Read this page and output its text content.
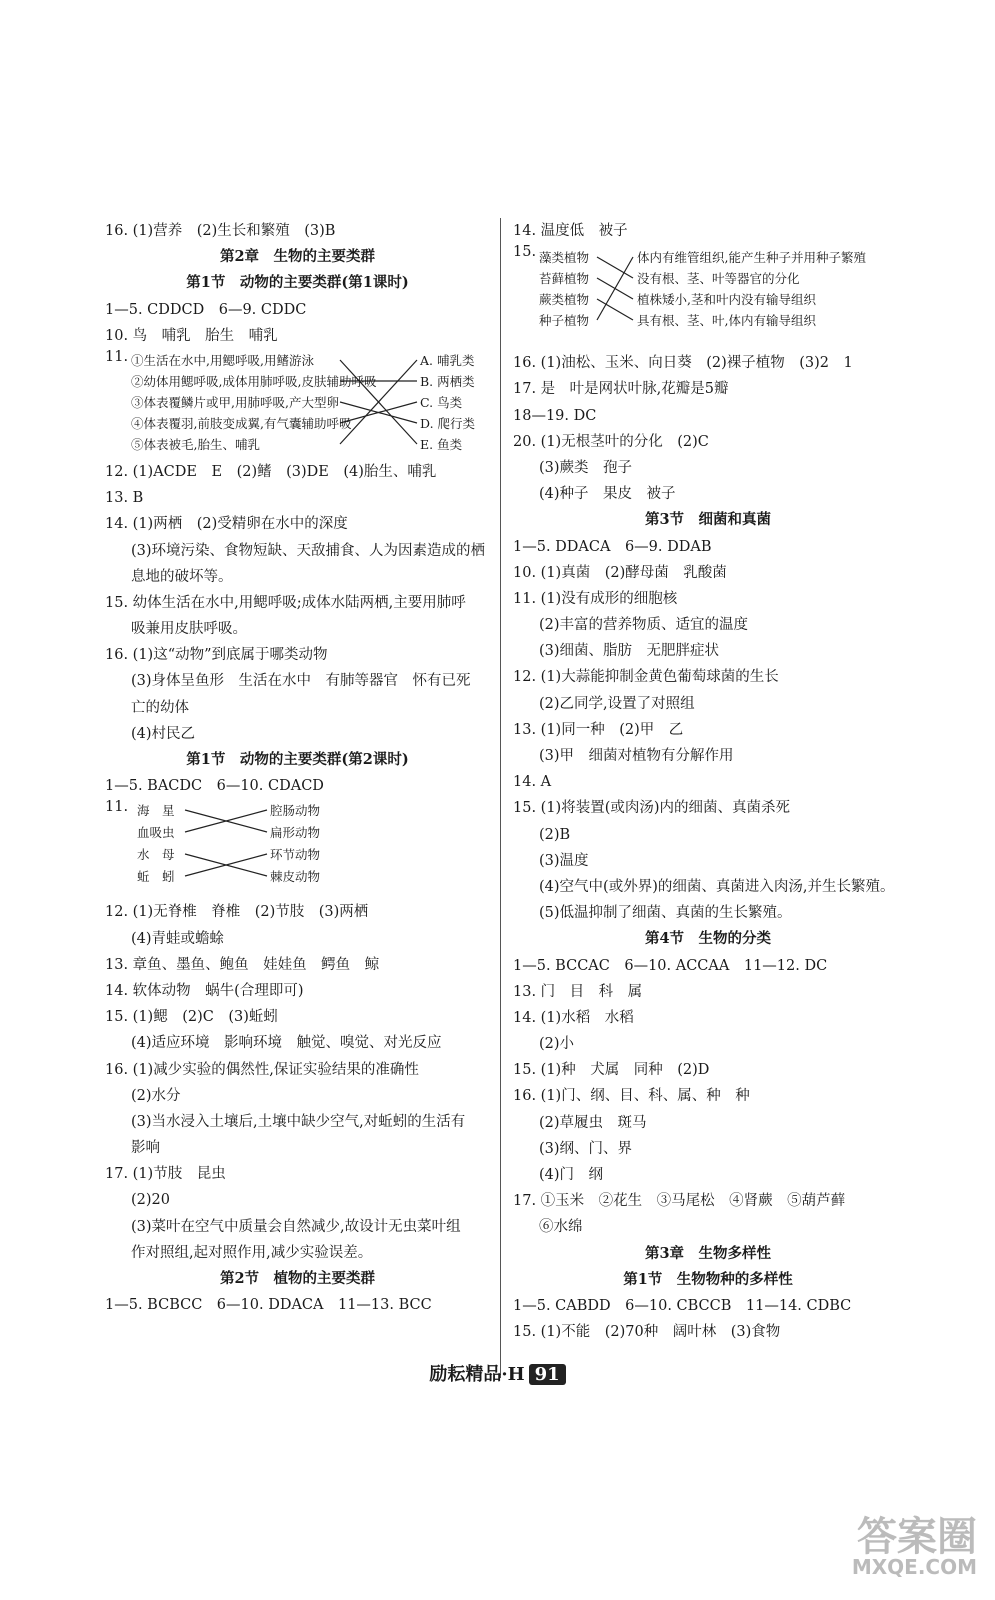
16. (1)营养　(2)生长和繁殖　(3)B
第2章　生物的主要类群
第1节　动物的主要类群(第1课时)
1—5. CDDCD　6—9. CDDC
10. 鸟　哺乳　胎生　哺乳
11. ①生活在水中,用鳃呼吸,用鳍游泳
②幼体用鳃呼吸,成体用肺呼吸,皮肤辅助呼吸
③体表覆鳞片或甲,用肺呼吸,产大型卵
④体表覆羽,前肢变成翼,有气囊辅助呼吸
⑤体表被毛,胎生、哺乳
A. 哺乳类
B. 两栖类
C. 鸟类
D. 爬行类
E. 鱼类
12. (1)ACDE　E　(2)鳍　(3)DE　(4)胎生、哺乳
13. B
14. (1)两栖　(2)受精卵在水中的深度
(3)环境污染、食物短缺、天敌捕食、人为因素造成的栖
息地的破坏等。
15. 幼体生活在水中,用鳃呼吸;成体水陆两栖,主要用肺呼
吸兼用皮肤呼吸。
16. (1)这“动物”到底属于哪类动物
(3)身体呈鱼形　生活在水中　有肺等器官　怀有已死
亡的幼体
(4)村民乙
第1节　动物的主要类群(第2课时)
1—5. BACDC　6—10. CDACD
11. 海　星
血吸虫
水　母
蚯　蚓
腔肠动物
扁形动物
环节动物
棘皮动物
12. (1)无脊椎　脊椎　(2)节肢　(3)两栖
(4)青蛙或蟾蜍
13. 章鱼、墨鱼、鲍鱼　娃娃鱼　鳄鱼　鲸
14. 软体动物　蜗牛(合理即可)
15. (1)鳃　(2)C　(3)蚯蚓
(4)适应环境　影响环境　触觉、嗅觉、对光反应
16. (1)减少实验的偶然性,保证实验结果的准确性
(2)水分
(3)当水浸入土壤后,土壤中缺少空气,对蚯蚓的生活有
影响
17. (1)节肢　昆虫
(2)20
(3)菜叶在空气中质量会自然减少,故设计无虫菜叶组
作对照组,起对照作用,减少实验误差。
第2节　植物的主要类群
1—5. BCBCC　6—10. DDACA　11—13. BCC
14. 温度低　被子
15. 藻类植物
苔藓植物
蕨类植物
种子植物
体内有维管组织,能产生种子并用种子繁殖
没有根、茎、叶等器官的分化
植株矮小,茎和叶内没有输导组织
具有根、茎、叶,体内有输导组织
16. (1)油松、玉米、向日葵　(2)裸子植物　(3)2　1
17. 是　叶是网状叶脉,花瓣是5瓣
18—19. DC
20. (1)无根茎叶的分化　(2)C
(3)蕨类　孢子
(4)种子　果皮　被子
第3节　细菌和真菌
1—5. DDACA　6—9. DDAB
10. (1)真菌　(2)酵母菌　乳酸菌
11. (1)没有成形的细胞核
(2)丰富的营养物质、适宜的温度
(3)细菌、脂肪　无肥胖症状
12. (1)大蒜能抑制金黄色葡萄球菌的生长
(2)乙同学,设置了对照组
13. (1)同一种　(2)甲　乙
(3)甲　细菌对植物有分解作用
14. A
15. (1)将装置(或肉汤)内的细菌、真菌杀死
(2)B
(3)温度
(4)空气中(或外界)的细菌、真菌进入肉汤,并生长繁殖。
(5)低温抑制了细菌、真菌的生长繁殖。
第4节　生物的分类
1—5. BCCAC　6—10. ACCAA　11—12. DC
13. 门　目　科　属
14. (1)水稻　水稻
(2)小
15. (1)种　犬属　同种　(2)D
16. (1)门、纲、目、科、属、种　种
(2)草履虫　斑马
(3)纲、门、界
(4)门　纲
17. ①玉米　②花生　③马尾松　④肾蕨　⑤葫芦藓
⑥水绵
第3章　生物多样性
第1节　生物物种的多样性
1—5. CABDD　6—10. CBCCB　11—14. CDBC
15. (1)不能　(2)70种　阔叶林　(3)食物
励耘精品·H 91
答案圈
MXQE.COM
